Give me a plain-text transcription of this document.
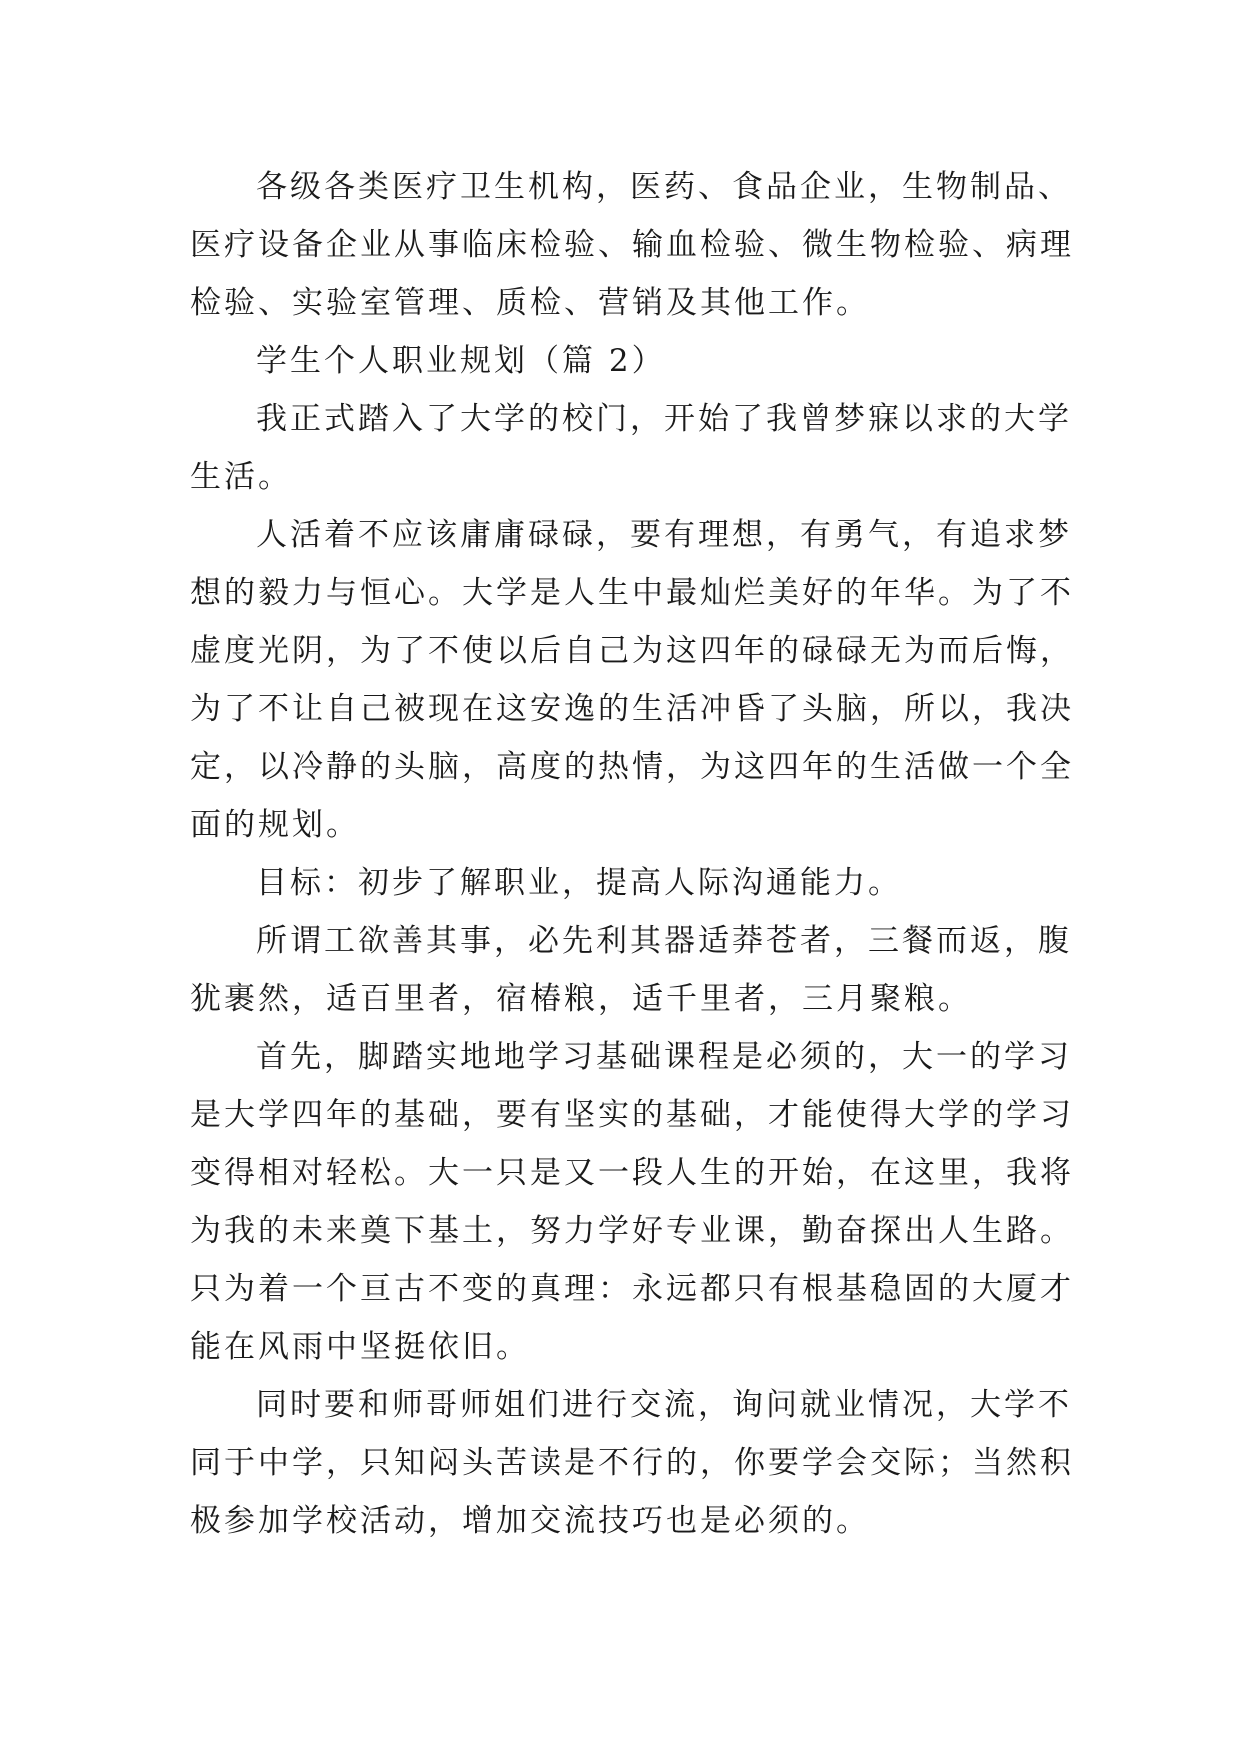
各级各类医疗卫生机构，医药、食品企业，生物制品、
医疗设备企业从事临床检验、输血检验、微生物检验、病理
检验、实验室管理、质检、营销及其他工作。
学生个人职业规划（篇 2）
我正式踏入了大学的校门，开始了我曾梦寐以求的大学
生活。
人活着不应该庸庸碌碌，要有理想，有勇气，有追求梦
想的毅力与恒心。大学是人生中最灿烂美好的年华。为了不
虚度光阴，为了不使以后自己为这四年的碌碌无为而后悔，
为了不让自己被现在这安逸的生活冲昏了头脑，所以，我决
定，以冷静的头脑，高度的热情，为这四年的生活做一个全
面的规划。
目标：初步了解职业，提高人际沟通能力。
所谓工欲善其事，必先利其器适莽苍者，三餐而返，腹
犹裹然，适百里者，宿椿粮，适千里者，三月聚粮。
首先，脚踏实地地学习基础课程是必须的，大一的学习
是大学四年的基础，要有坚实的基础，才能使得大学的学习
变得相对轻松。大一只是又一段人生的开始，在这里，我将
为我的未来奠下基土，努力学好专业课，勤奋探出人生路。
只为着一个亘古不变的真理：永远都只有根基稳固的大厦才
能在风雨中坚挺依旧。
同时要和师哥师姐们进行交流，询问就业情况，大学不
同于中学，只知闷头苦读是不行的，你要学会交际；当然积
极参加学校活动，增加交流技巧也是必须的。
